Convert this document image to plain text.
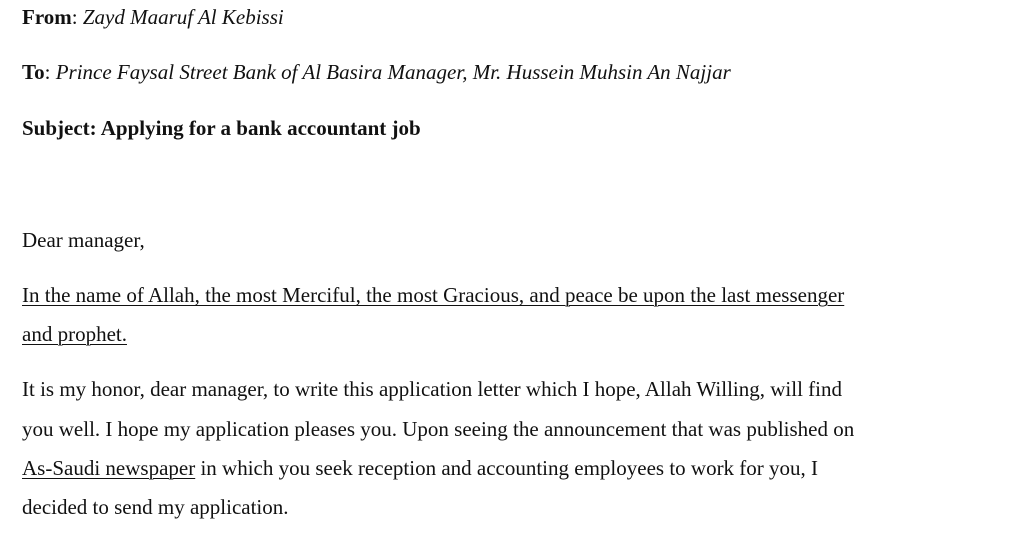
From: Zayd Maaruf Al Kebissi
To: Prince Faysal Street Bank of Al Basira Manager, Mr. Hussein Muhsin An Najjar
Subject: Applying for a bank accountant job
Dear manager,
In the name of Allah, the most Merciful, the most Gracious, and peace be upon the last messenger
and prophet.
It is my honor, dear manager, to write this application letter which I hope, Allah Willing, will find
you well. I hope my application pleases you. Upon seeing the announcement that was published on
As-Saudi newspaper in which you seek reception and accounting employees to work for you, I
decided to send my application.
